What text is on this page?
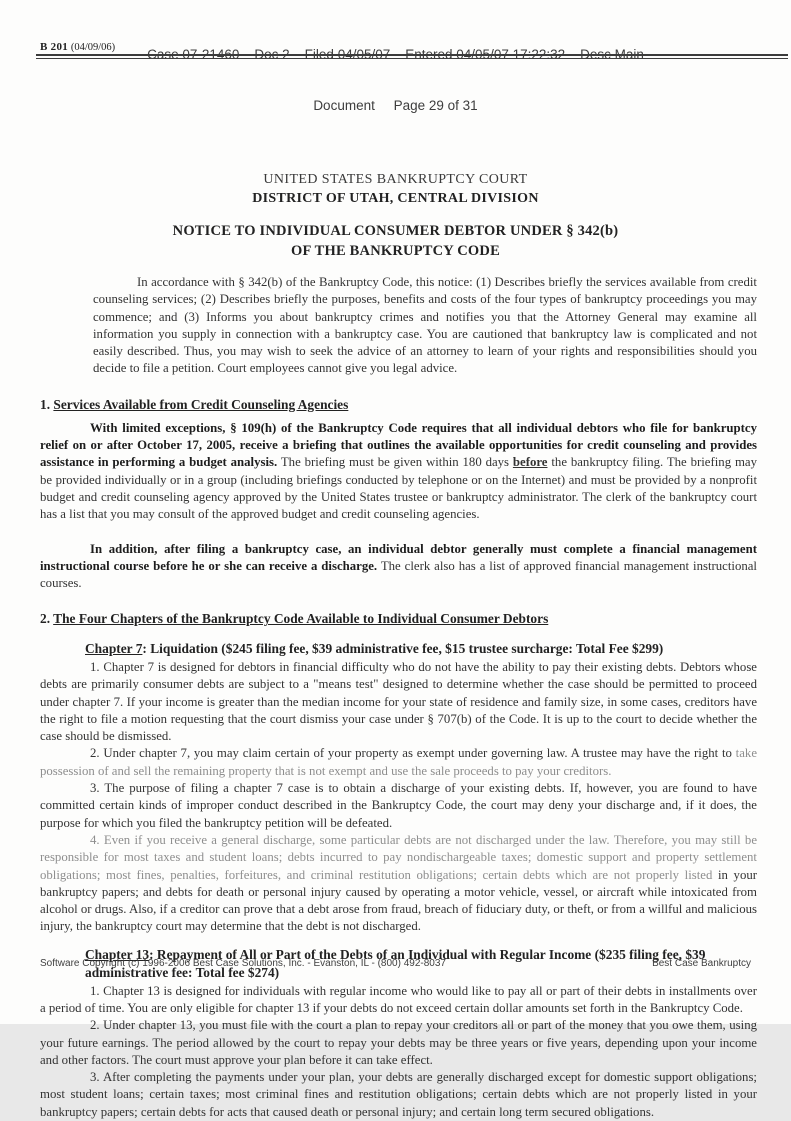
Case 07-21460    Doc 2    Filed 04/05/07    Entered 04/05/07 17:22:32    Desc Main

Document     Page 29 of 31

B 201 (04/09/06)
UNITED STATES BANKRUPTCY COURT
DISTRICT OF UTAH, CENTRAL DIVISION
NOTICE TO INDIVIDUAL CONSUMER DEBTOR UNDER § 342(b)
OF THE BANKRUPTCY CODE

In accordance with § 342(b) of the Bankruptcy Code, this notice: (1) Describes briefly the services available from credit counseling services; (2) Describes briefly the purposes, benefits and costs of the four types of bankruptcy proceedings you may commence; and (3) Informs you about bankruptcy crimes and notifies you that the Attorney General may examine all information you supply in connection with a bankruptcy case. You are cautioned that bankruptcy law is complicated and not easily described. Thus, you may wish to seek the advice of an attorney to learn of your rights and responsibilities should you decide to file a petition. Court employees cannot give you legal advice.

1. Services Available from Credit Counseling Agencies

With limited exceptions, § 109(h) of the Bankruptcy Code requires that all individual debtors who file for bankruptcy relief on or after October 17, 2005, receive a briefing that outlines the available opportunities for credit counseling and provides assistance in performing a budget analysis. The briefing must be given within 180 days before the bankruptcy filing. The briefing may be provided individually or in a group (including briefings conducted by telephone or on the Internet) and must be provided by a nonprofit budget and credit counseling agency approved by the United States trustee or bankruptcy administrator. The clerk of the bankruptcy court has a list that you may consult of the approved budget and credit counseling agencies.

In addition, after filing a bankruptcy case, an individual debtor generally must complete a financial management instructional course before he or she can receive a discharge. The clerk also has a list of approved financial management instructional courses.

2. The Four Chapters of the Bankruptcy Code Available to Individual Consumer Debtors
Chapter 7: Liquidation ($245 filing fee, $39 administrative fee, $15 trustee surcharge: Total Fee $299)

1. Chapter 7 is designed for debtors in financial difficulty who do not have the ability to pay their existing debts. Debtors whose debts are primarily consumer debts are subject to a "means test" designed to determine whether the case should be permitted to proceed under chapter 7. If your income is greater than the median income for your state of residence and family size, in some cases, creditors have the right to file a motion requesting that the court dismiss your case under § 707(b) of the Code. It is up to the court to decide whether the case should be dismissed.

2. Under chapter 7, you may claim certain of your property as exempt under governing law. A trustee may have the right to take possession of and sell the remaining property that is not exempt and use the sale proceeds to pay your creditors.

3. The purpose of filing a chapter 7 case is to obtain a discharge of your existing debts. If, however, you are found to have committed certain kinds of improper conduct described in the Bankruptcy Code, the court may deny your discharge and, if it does, the purpose for which you filed the bankruptcy petition will be defeated.

4. Even if you receive a general discharge, some particular debts are not discharged under the law. Therefore, you may still be responsible for most taxes and student loans; debts incurred to pay nondischargeable taxes; domestic support and property settlement obligations; most fines, penalties, forfeitures, and criminal restitution obligations; certain debts which are not properly listed in your bankruptcy papers; and debts for death or personal injury caused by operating a motor vehicle, vessel, or aircraft while intoxicated from alcohol or drugs. Also, if a creditor can prove that a debt arose from fraud, breach of fiduciary duty, or theft, or from a willful and malicious injury, the bankruptcy court may determine that the debt is not discharged.

Chapter 13: Repayment of All or Part of the Debts of an Individual with Regular Income ($235 filing fee, $39 administrative fee: Total fee $274)

1. Chapter 13 is designed for individuals with regular income who would like to pay all or part of their debts in installments over a period of time. You are only eligible for chapter 13 if your debts do not exceed certain dollar amounts set forth in the Bankruptcy Code.

2. Under chapter 13, you must file with the court a plan to repay your creditors all or part of the money that you owe them, using your future earnings. The period allowed by the court to repay your debts may be three years or five years, depending upon your income and other factors. The court must approve your plan before it can take effect.

3. After completing the payments under your plan, your debts are generally discharged except for domestic support obligations; most student loans; certain taxes; most criminal fines and restitution obligations; certain debts which are not properly listed in your bankruptcy papers; certain debts for acts that caused death or personal injury; and certain long term secured obligations.

Software Copyright (c) 1996-2006 Best Case Solutions, Inc. - Evanston, IL - (800) 492-8037	Best Case Bankruptcy
